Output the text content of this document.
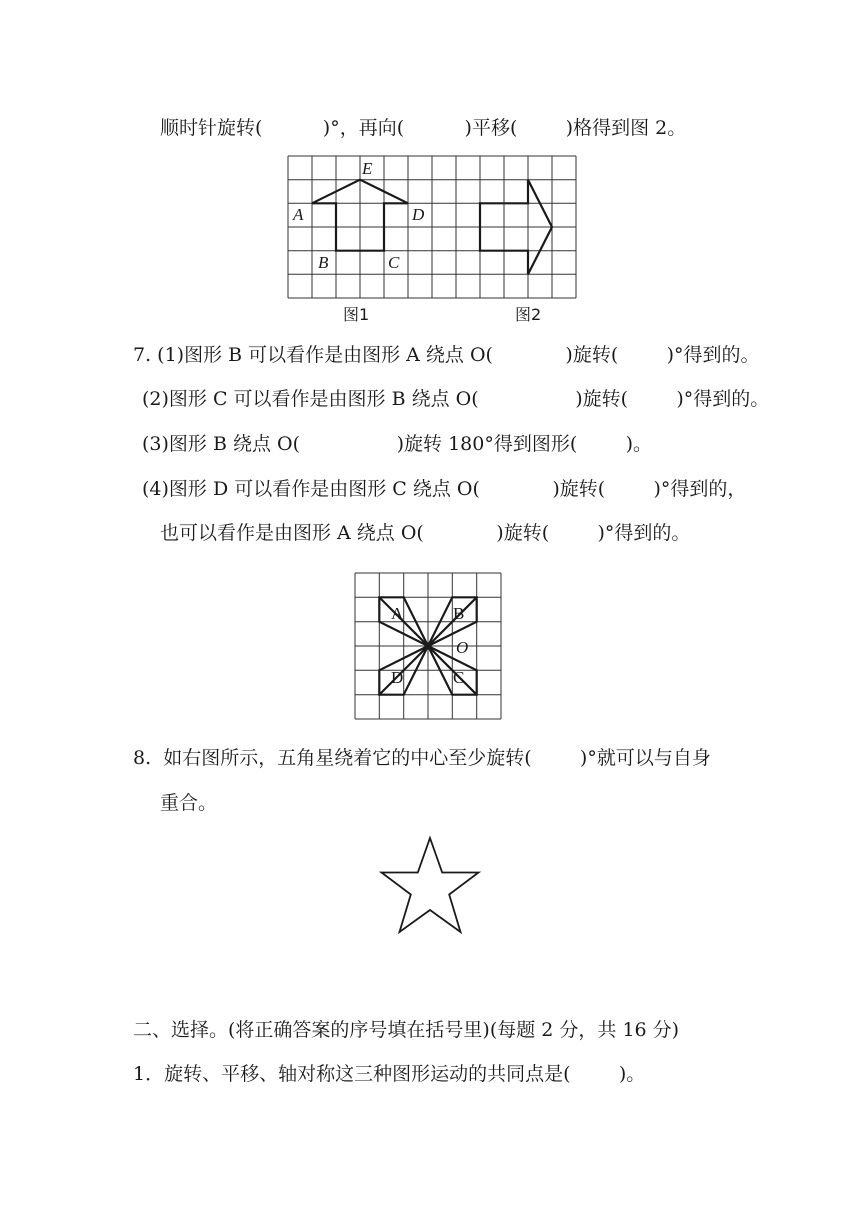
顺时针旋转(          )°，再向(          )平移(        )格得到图 2。
E
A	D
B	C
图1	图2
7. (1)图形 B 可以看作是由图形 A 绕点 O(            )旋转(        )°得到的。
(2)图形 C 可以看作是由图形 B 绕点 O(                )旋转(        )°得到的。
(3)图形 B 绕点 O(                )旋转 180°得到图形(        )。
(4)图形 D 可以看作是由图形 C 绕点 O(            )旋转(        )°得到的，
也可以看作是由图形 A 绕点 O(            )旋转(        )°得到的。
A	B
O
C
D
8.  如右图所示，五角星绕着它的中心至少旋转(        )°就可以与自身
重合。
二、选择。(将正确答案的序号填在括号里)(每题 2 分，共 16 分)
1．旋转、平移、轴对称这三种图形运动的共同点是(        )。
